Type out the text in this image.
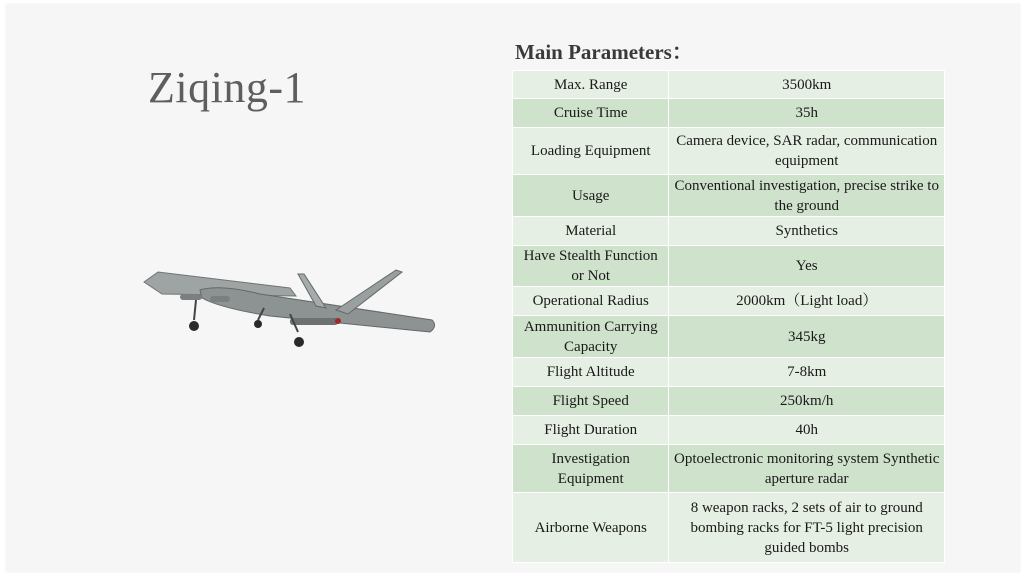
Ziqing-1
Main Parameters：
Max. Range	3500km
Cruise Time	35h
Loading Equipment	Camera device, SAR radar, communication equipment
Usage	Conventional investigation, precise strike to the ground
Material	Synthetics
Have Stealth Function or Not	Yes
Operational Radius	2000km（Light load）
Ammunition Carrying Capacity	345kg
Flight Altitude	7-8km
Flight Speed	250km/h
Flight Duration	40h
Investigation Equipment	Optoelectronic monitoring system Synthetic aperture radar
Airborne Weapons	8 weapon racks, 2 sets of air to ground bombing racks for FT-5 light precision guided bombs
